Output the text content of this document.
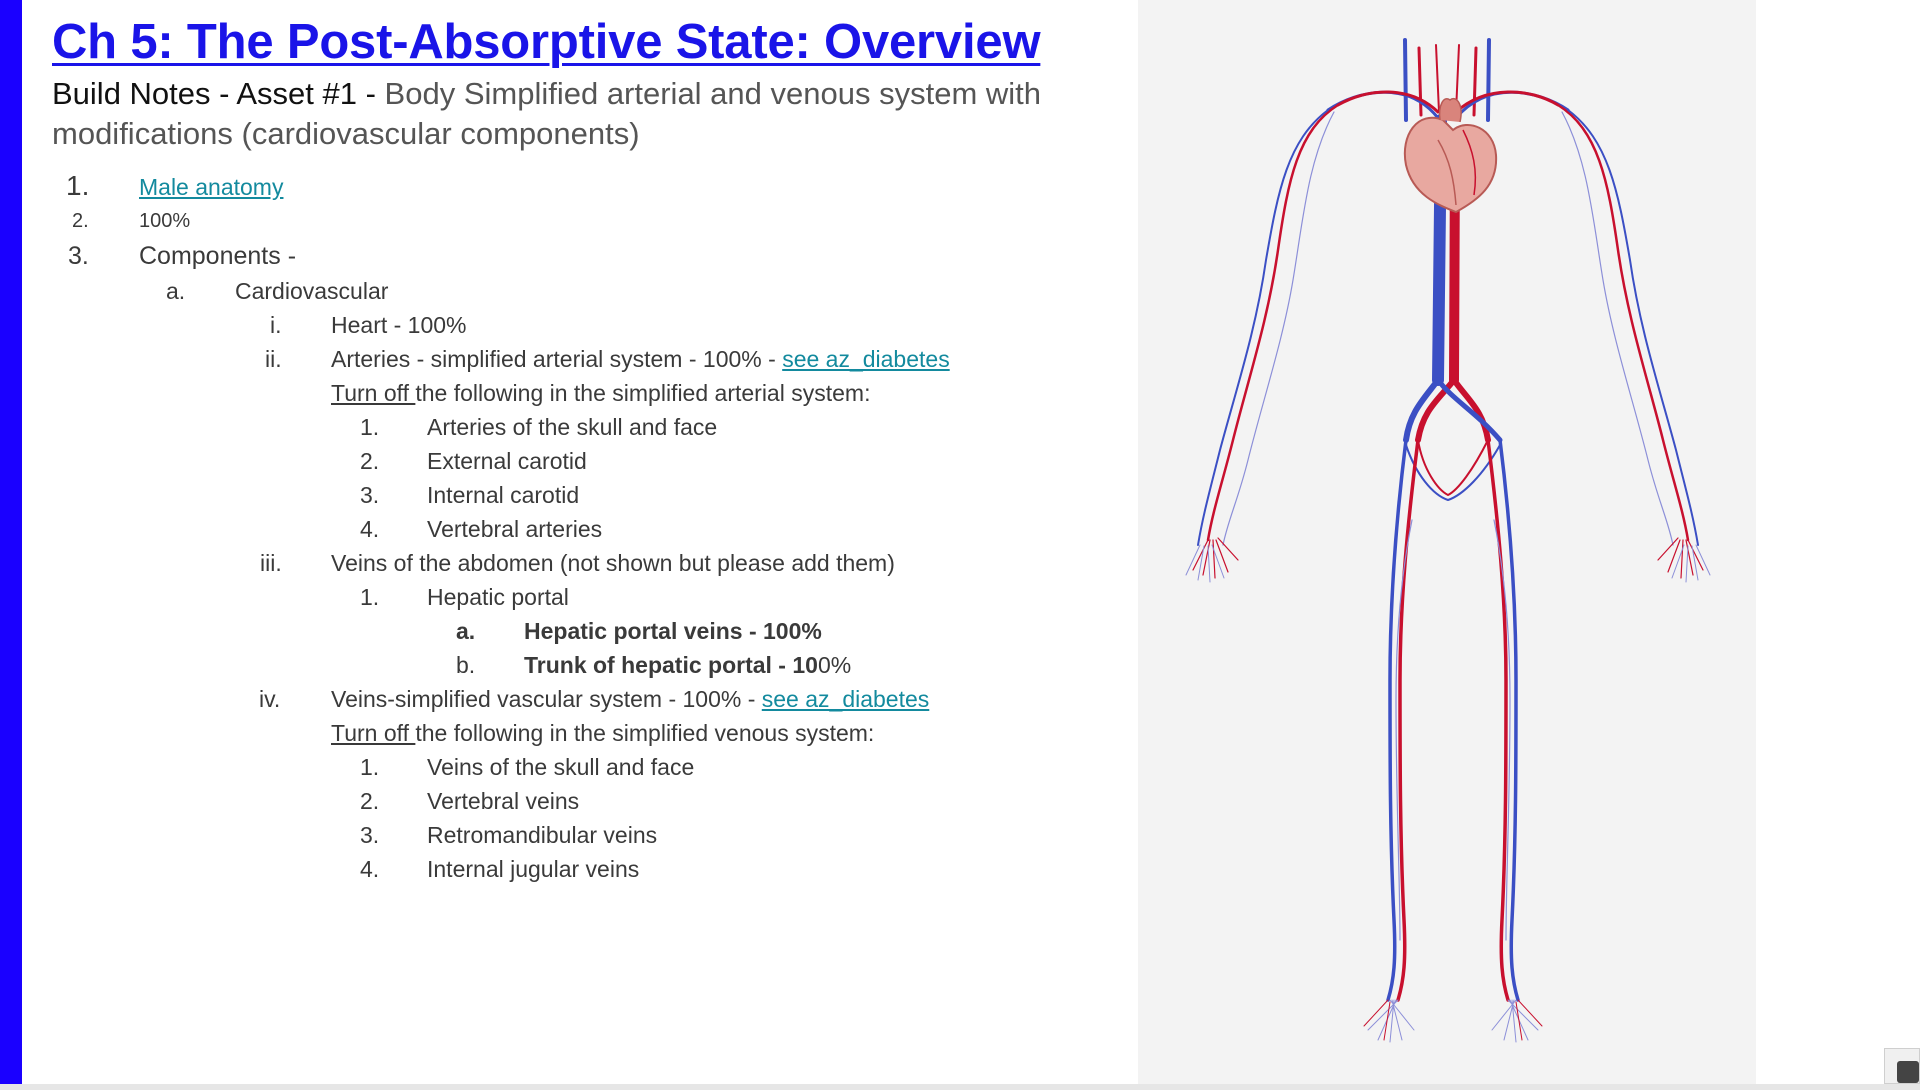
Ch 5: The Post-Absorptive State: Overview
Build Notes - Asset #1 - Body Simplified arterial and venous system with modifications (cardiovascular components)
1. Male anatomy
2.	100%
3. Components -
a. Cardiovascular
i. Heart - 100%
ii. Arteries - simplified arterial system - 100% - see az_diabetes
Turn off the following in the simplified arterial system:
1. Arteries of the skull and face
2. External carotid
3. Internal carotid
4. Vertebral arteries
iii. Veins of the abdomen (not shown but please add them)
1. Hepatic portal
a. Hepatic portal veins - 100%
b. Trunk of hepatic portal - 100%
iv. Veins-simplified vascular system - 100% - see az_diabetes
Turn off the following in the simplified venous system:
1. Veins of the skull and face
2. Vertebral veins
3. Retromandibular veins
4. Internal jugular veins
